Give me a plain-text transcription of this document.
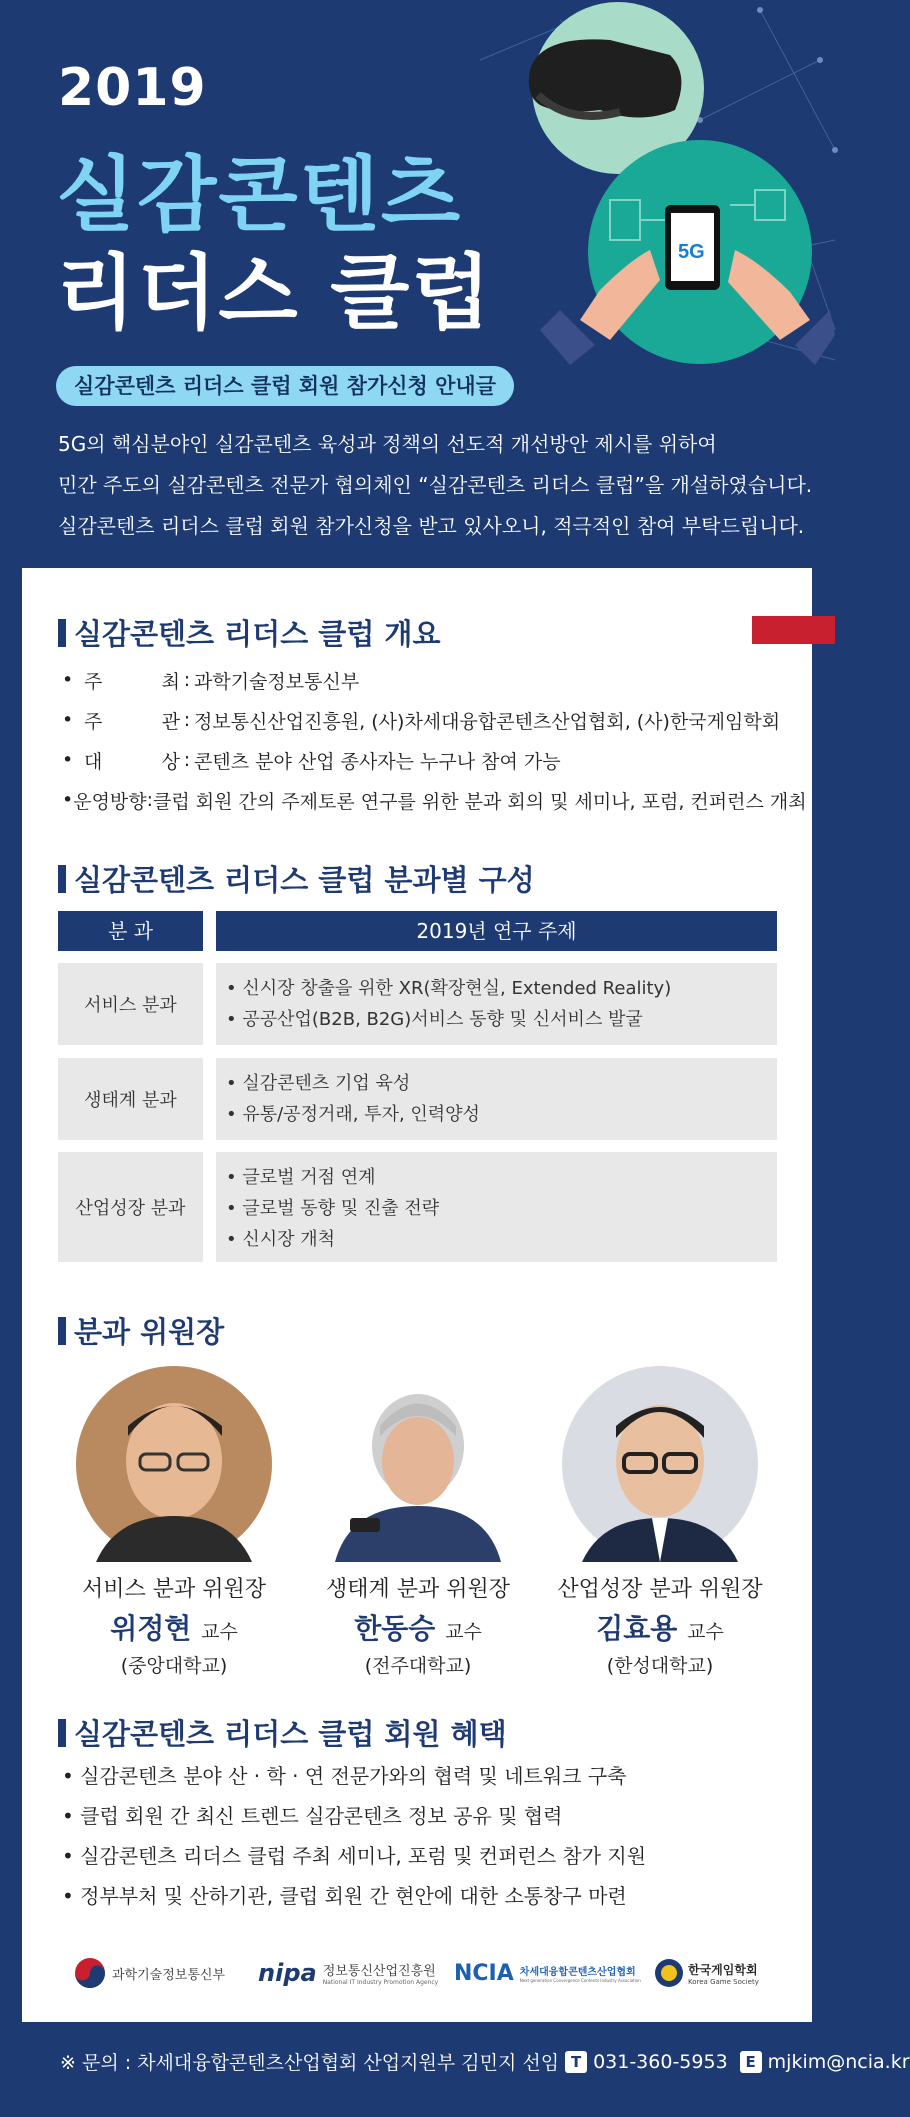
5G
2019
실감콘텐츠
리더스 클럽
실감콘텐츠 리더스 클럽 회원 참가신청 안내글
5G의 핵심분야인 실감콘텐츠 육성과 정책의 선도적 개선방안 제시를 위하여
민간 주도의 실감콘텐츠 전문가 협의체인 “실감콘텐츠 리더스 클럽”을 개설하였습니다.
실감콘텐츠 리더스 클럽 회원 참가신청을 받고 있사오니, 적극적인 참여 부탁드립니다.
실감콘텐츠 리더스 클럽 개요
• 주	최 : 과학기술정보통신부
• 주	관 : 정보통신산업진흥원, (사)차세대융합콘텐츠산업협회, (사)한국게임학회
• 대	상 : 콘텐츠 분야 산업 종사자는 누구나 참여 가능
• 운영방향 : 클럽 회원 간의 주제토론 연구를 위한 분과 회의 및 세미나, 포럼, 컨퍼런스 개최
실감콘텐츠 리더스 클럽 분과별 구성
분 과	2019년 연구 주제
서비스 분과
• 신시장 창출을 위한 XR(확장현실, Extended Reality)
• 공공산업(B2B, B2G)서비스 동향 및 신서비스 발굴
생태계 분과
• 실감콘텐츠 기업 육성
• 유통/공정거래, 투자, 인력양성
산업성장 분과
• 글로벌 거점 연계
• 글로벌 동향 및 진출 전략
• 신시장 개척
분과 위원장
서비스 분과 위원장
위정현 교수
(중앙대학교)
생태계 분과 위원장
한동승 교수
(전주대학교)
산업성장 분과 위원장
김효용 교수
(한성대학교)
실감콘텐츠 리더스 클럽 회원 혜택
• 실감콘텐츠 분야 산 · 학 · 연 전문가와의 협력 및 네트워크 구축
• 클럽 회원 간 최신 트렌드 실감콘텐츠 정보 공유 및 협력
• 실감콘텐츠 리더스 클럽 주최 세미나, 포럼 및 컨퍼런스 참가 지원
• 정부부처 및 산하기관, 클럽 회원 간 현안에 대한 소통창구 마련
과학기술정보통신부 nipa 정보통신산업진흥원
National IT Industry Promotion Agency NCIA 차세대융합콘텐츠산업협회
Next generation Convergence Contents Industry Association
한국게임학회
Korea Game Society
※ 문의 : 차세대융합콘텐츠산업협회 산업지원부 김민지 선임 T 031-360-5953	E mjkim@ncia.kr
